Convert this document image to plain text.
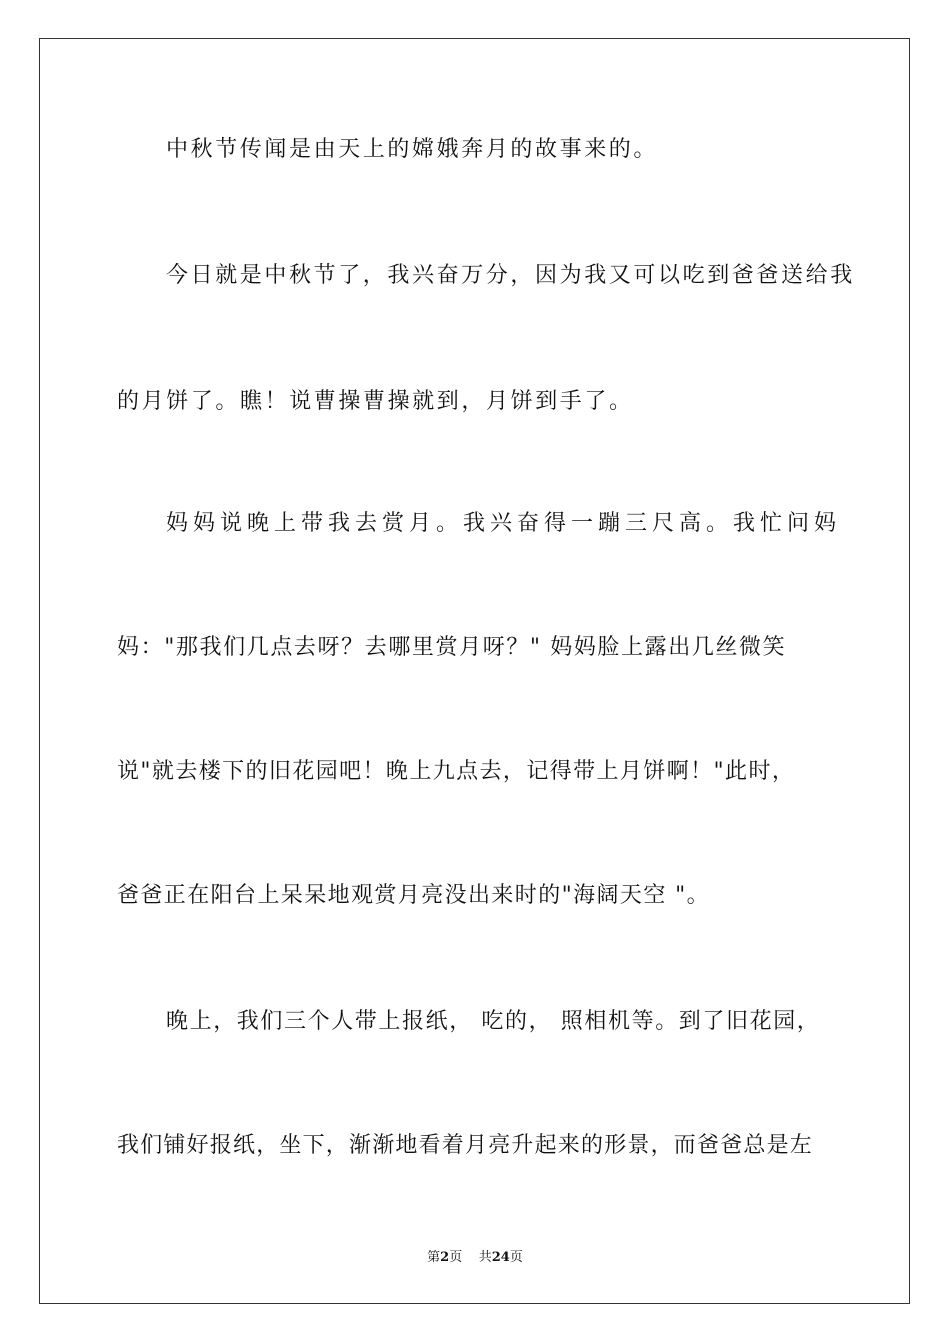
中秋节传闻是由天上的嫦娥奔月的故事来的。
今日就是中秋节了，我兴奋万分，因为我又可以吃到爸爸送给我
的月饼了。瞧！说曹操曹操就到，月饼到手了。
妈妈说晚上带我去赏月。我兴奋得一蹦三尺高。我忙问妈
妈："那我们几点去呀？去哪里赏月呀？" 妈妈脸上露出几丝微笑
说"就去楼下的旧花园吧！晚上九点去，记得带上月饼啊！"此时，
爸爸正在阳台上呆呆地观赏月亮没出来时的"海阔天空 "。
晚上，我们三个人带上报纸， 吃的， 照相机等。到了旧花园，
我们铺好报纸，坐下，渐渐地看着月亮升起来的形景，而爸爸总是左
第2页    共24页
